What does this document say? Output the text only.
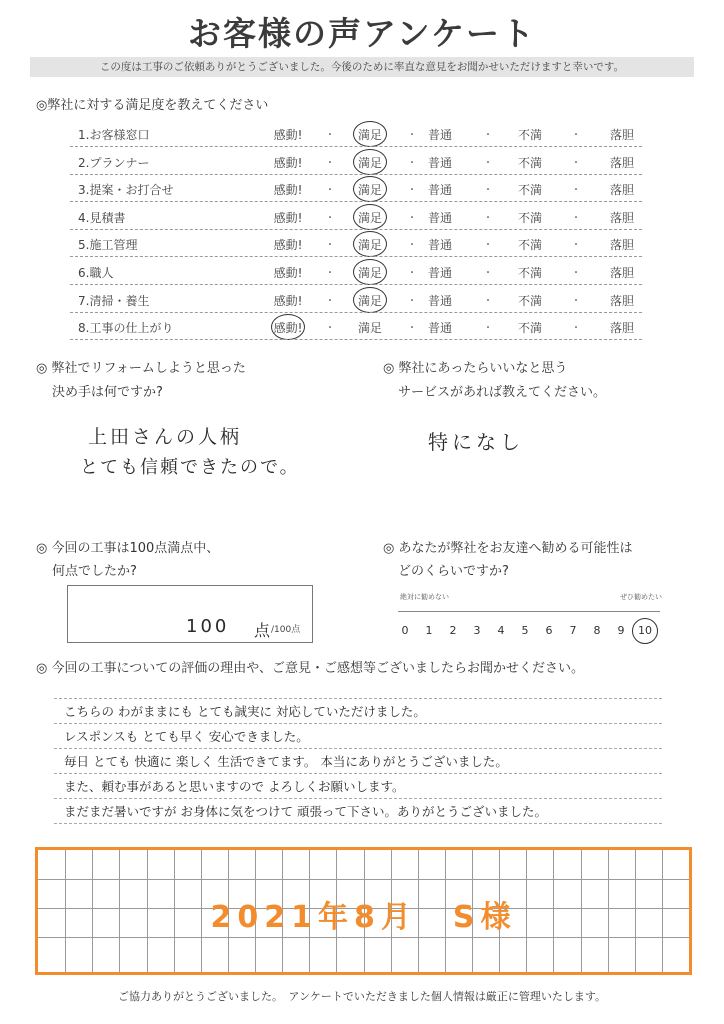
お客様の声アンケート
この度は工事のご依頼ありがとうございました。今後のために率直な意見をお聞かせいただけますと幸いです。
◎弊社に対する満足度を教えてください
1.お客様窓口	感動!	満足	普通	不満	落胆
・	・	・	・
2.プランナー	感動!	満足	普通	不満	落胆
・	・	・	・
3.提案・お打合せ	感動!	満足	普通	不満	落胆
・	・	・	・
4.見積書	感動!	満足	普通	不満	落胆
・	・	・	・
5.施工管理	感動!	満足	普通	不満	落胆
・	・	・	・
6.職人	感動!	満足	普通	不満	落胆
・	・	・	・
7.清掃・養生	感動!	満足	普通	不満	落胆
・	・	・	・
8.工事の仕上がり	感動!	満足	普通	不満	落胆
・	・	・	・
◎ 弊社でリフォームしようと思った
決め手は何ですか?
上田さんの人柄
とても信頼できたので。
◎ 弊社にあったらいいなと思う
サービスがあれば教えてください。
特になし
◎ 今回の工事は100点満点中、
何点でしたか?
100 点 /100点
◎ あなたが弊社をお友達へ勧める可能性は
どのくらいですか?
絶対に勧めない	ぜひ勧めたい
0	1	2	3	4	5	6	7	8	9	10
◎ 今回の工事についての評価の理由や、ご意見・ご感想等ございましたらお聞かせください。
こちらの わがままにも とても誠実に 対応していただけました。
レスポンスも とても早く 安心できました。
毎日 とても 快適に 楽しく 生活できてます。 本当にありがとうございました。
また、頼む事があると思いますので よろしくお願いします。
まだまだ暑いですが お身体に気をつけて 頑張って下さい。ありがとうございました。
2021年8月　S様
ご協力ありがとうございました。　アンケートでいただきました個人情報は厳正に管理いたします。
